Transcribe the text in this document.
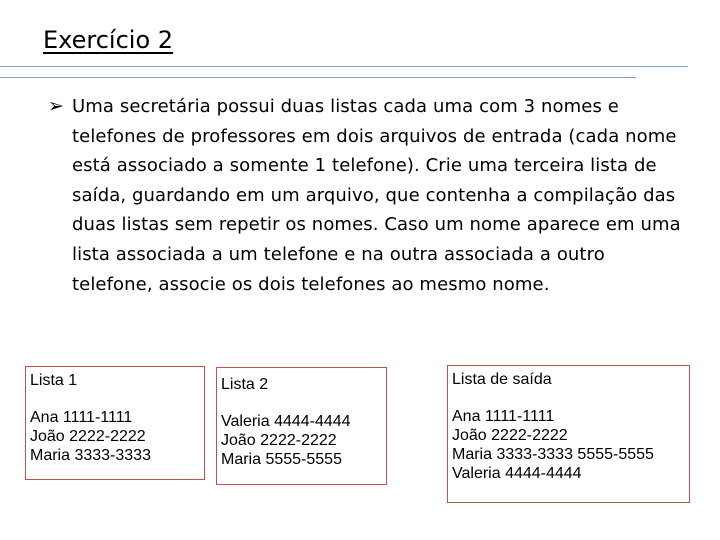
Exercício 2
➢ Uma secretária possui duas listas cada uma com 3 nomes e telefones de professores em dois arquivos de entrada (cada nome está associado a somente 1 telefone). Crie uma terceira lista de saída, guardando em um arquivo, que contenha a compilação das duas listas sem repetir os nomes. Caso um nome aparece em uma lista associada a um telefone e na outra associada a outro telefone, associe os dois telefones ao mesmo nome.
Lista 1
Ana 1111-1111
João 2222-2222
Maria 3333-3333
Lista 2
Valeria 4444-4444
João 2222-2222
Maria 5555-5555
Lista de saída
Ana 1111-1111
João 2222-2222
Maria 3333-3333 5555-5555
Valeria 4444-4444
